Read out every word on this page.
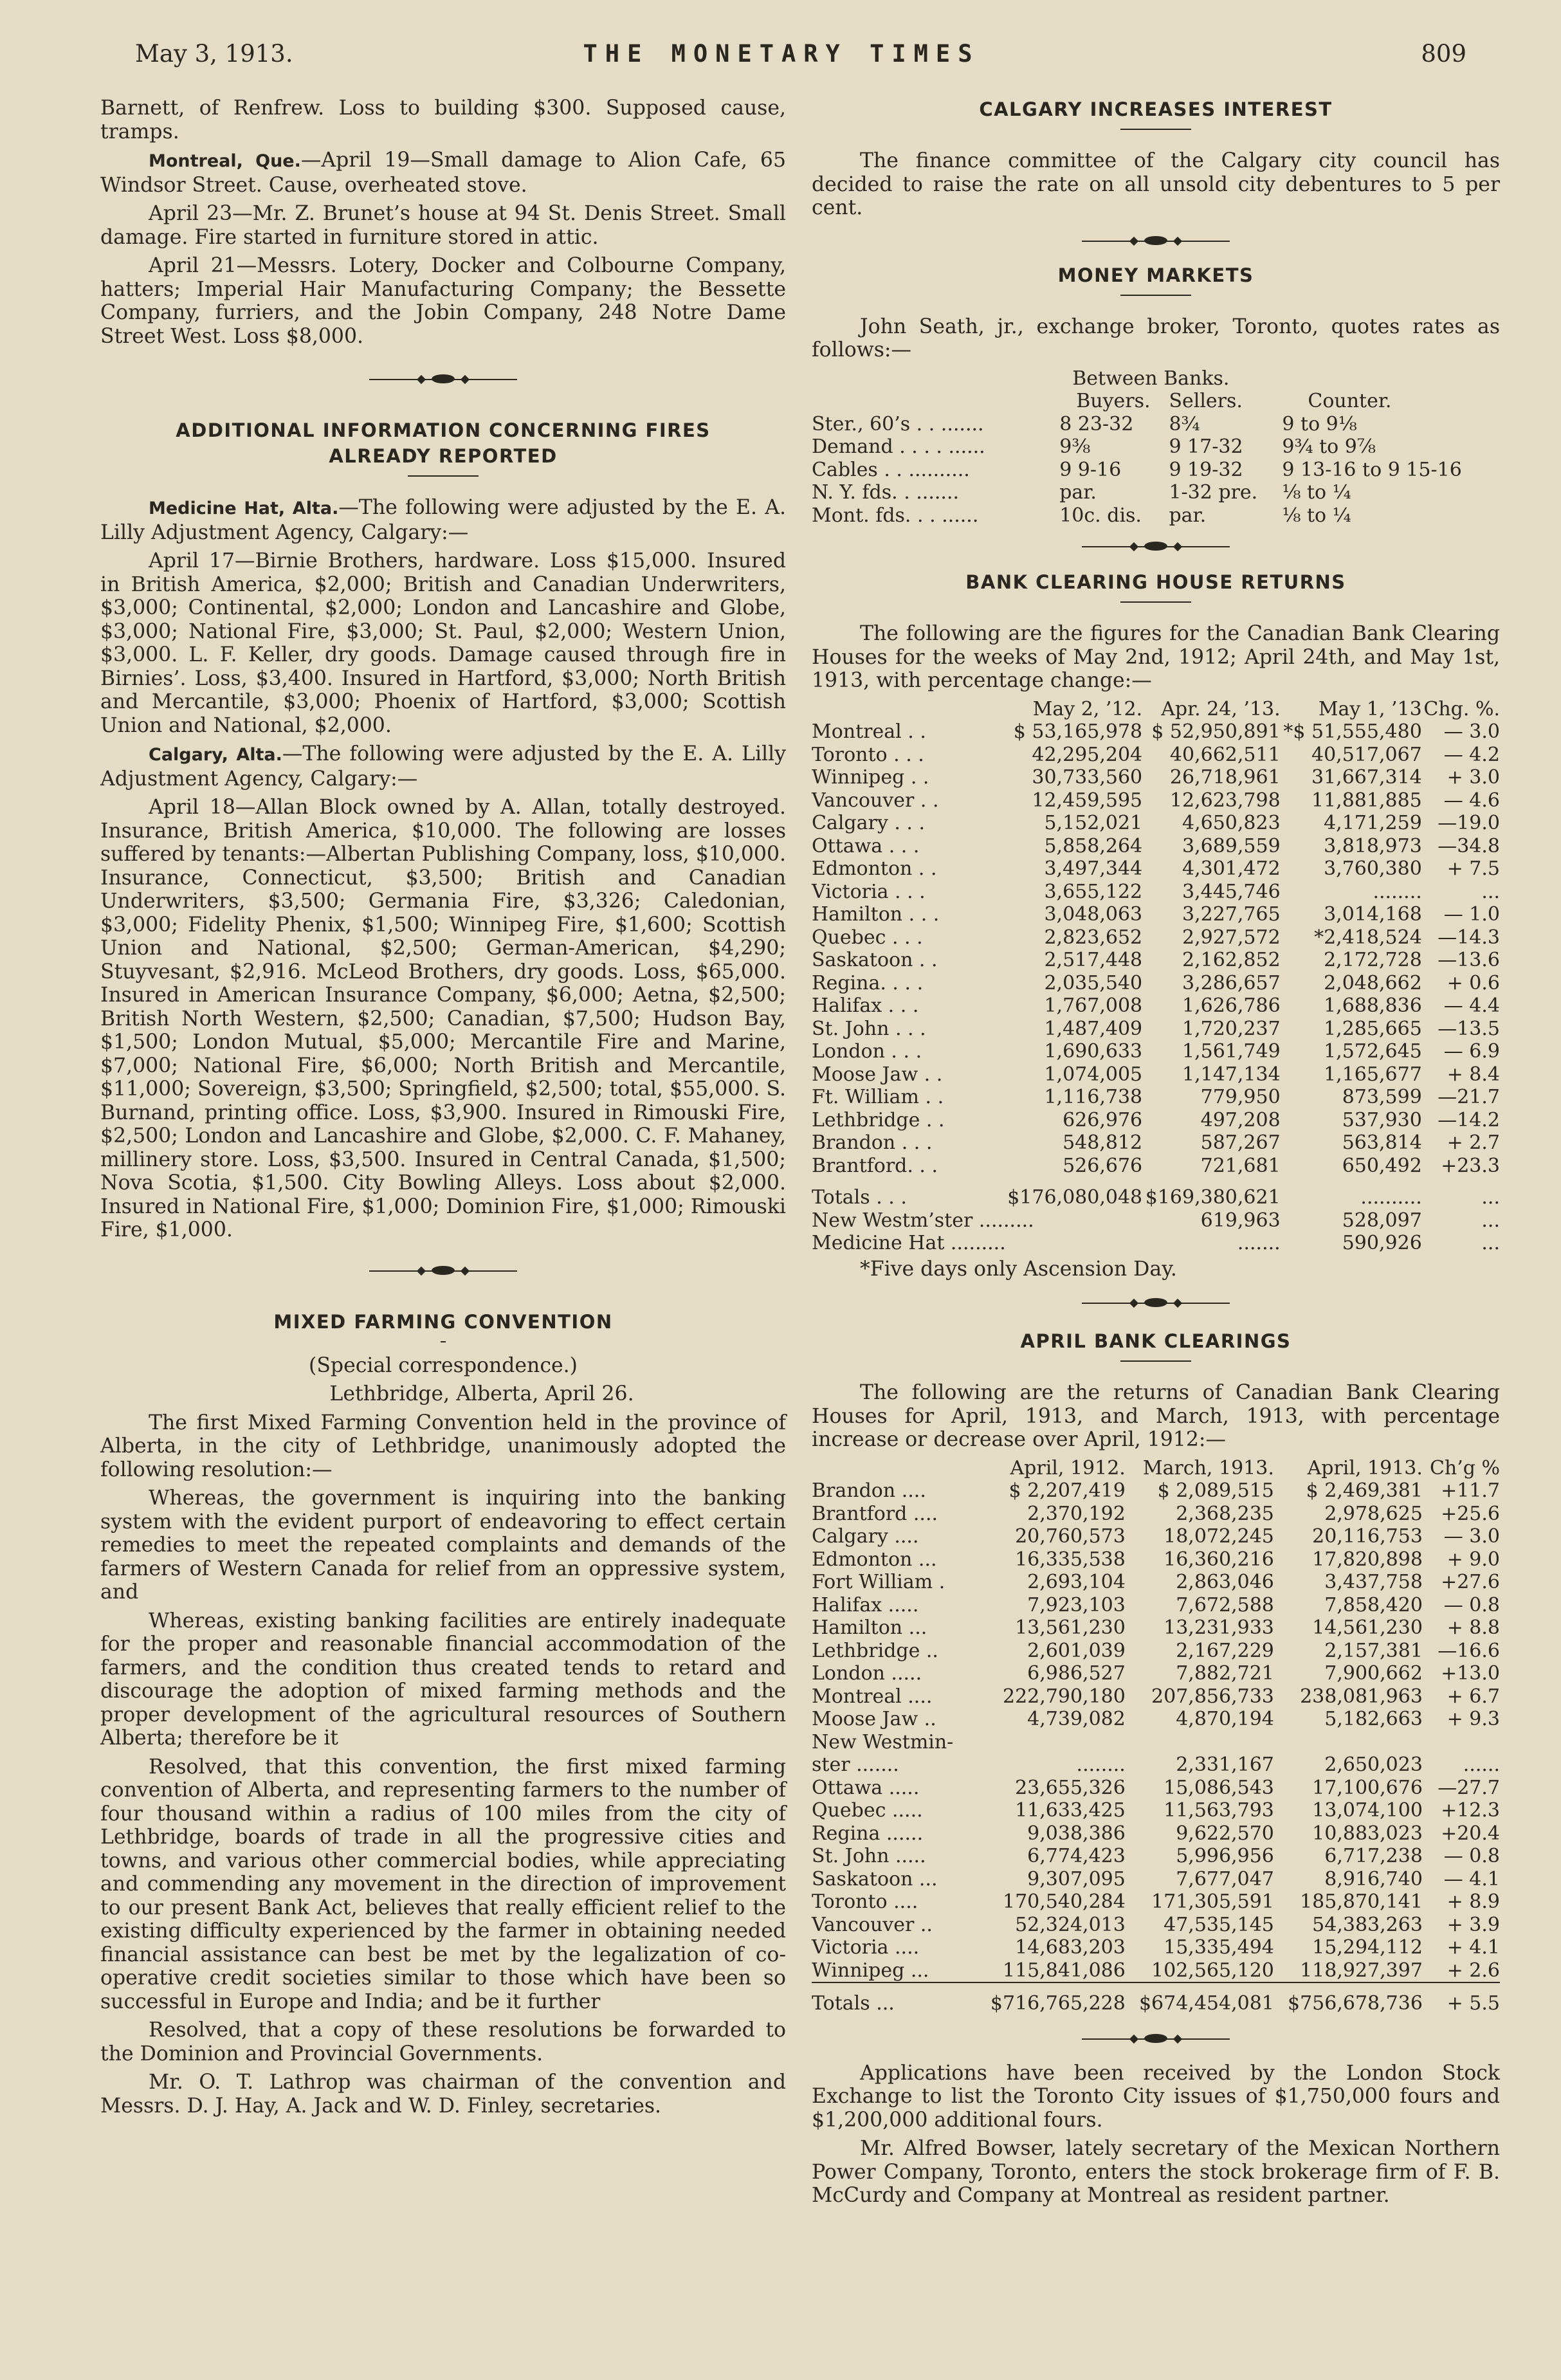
May 3, 1913.	THE MONETARY TIMES	809

Barnett, of Renfrew. Loss to building $300. Supposed cause, tramps.

Montreal, Que.—April 19—Small damage to Alion Cafe, 65 Windsor Street. Cause, overheated stove.

April 23—Mr. Z. Brunet’s house at 94 St. Denis Street. Small damage. Fire started in furniture stored in attic.

April 21—Messrs. Lotery, Docker and Colbourne Company, hatters; Imperial Hair Manufacturing Company; the Bessette Company, furriers, and the Jobin Company, 248 Notre Dame Street West. Loss $8,000.

ADDITIONAL INFORMATION CONCERNING FIRES ALREADY REPORTED

Medicine Hat, Alta.—The following were adjusted by the E. A. Lilly Adjustment Agency, Calgary:—

April 17—Birnie Brothers, hardware. Loss $15,000. Insured in British America, $2,000; British and Canadian Underwriters, $3,000; Continental, $2,000; London and Lancashire and Globe, $3,000; National Fire, $3,000; St. Paul, $2,000; Western Union, $3,000. L. F. Keller, dry goods. Damage caused through fire in Birnies’. Loss, $3,400. Insured in Hartford, $3,000; North British and Mercantile, $3,000; Phoenix of Hartford, $3,000; Scottish Union and National, $2,000.

Calgary, Alta.—The following were adjusted by the E. A. Lilly Adjustment Agency, Calgary:—

April 18—Allan Block owned by A. Allan, totally destroyed. Insurance, British America, $10,000. The following are losses suffered by tenants:—Albertan Publishing Company, loss, $10,000. Insurance, Connecticut, $3,500; British and Canadian Underwriters, $3,500; Germania Fire, $3,326; Caledonian, $3,000; Fidelity Phenix, $1,500; Winnipeg Fire, $1,600; Scottish Union and National, $2,500; German-American, $4,290; Stuyvesant, $2,916. McLeod Brothers, dry goods. Loss, $65,000. Insured in American Insurance Company, $6,000; Aetna, $2,500; British North Western, $2,500; Canadian, $7,500; Hudson Bay, $1,500; London Mutual, $5,000; Mercantile Fire and Marine, $7,000; National Fire, $6,000; North British and Mercantile, $11,000; Sovereign, $3,500; Springfield, $2,500; total, $55,000. S. Burnand, printing office. Loss, $3,900. Insured in Rimouski Fire, $2,500; London and Lancashire and Globe, $2,000. C. F. Mahaney, millinery store. Loss, $3,500. Insured in Central Canada, $1,500; Nova Scotia, $1,500. City Bowling Alleys. Loss about $2,000. Insured in National Fire, $1,000; Dominion Fire, $1,000; Rimouski Fire, $1,000.

MIXED FARMING CONVENTION

(Special correspondence.)

Lethbridge, Alberta, April 26.

The first Mixed Farming Convention held in the province of Alberta, in the city of Lethbridge, unanimously adopted the following resolution:—

Whereas, the government is inquiring into the banking system with the evident purport of endeavoring to effect certain remedies to meet the repeated complaints and demands of the farmers of Western Canada for relief from an oppressive system, and

Whereas, existing banking facilities are entirely inadequate for the proper and reasonable financial accommodation of the farmers, and the condition thus created tends to retard and discourage the adoption of mixed farming methods and the proper development of the agricultural resources of Southern Alberta; therefore be it

Resolved, that this convention, the first mixed farming convention of Alberta, and representing farmers to the number of four thousand within a radius of 100 miles from the city of Lethbridge, boards of trade in all the progressive cities and towns, and various other commercial bodies, while appreciating and commending any movement in the direction of improvement to our present Bank Act, believes that really efficient relief to the existing difficulty experienced by the farmer in obtaining needed financial assistance can best be met by the legalization of co-operative credit societies similar to those which have been so successful in Europe and India; and be it further

Resolved, that a copy of these resolutions be forwarded to the Dominion and Provincial Governments.

Mr. O. T. Lathrop was chairman of the convention and Messrs. D. J. Hay, A. Jack and W. D. Finley, secretaries.

CALGARY INCREASES INTEREST

The finance committee of the Calgary city council has decided to raise the rate on all unsold city debentures to 5 per cent.

MONEY MARKETS

John Seath, jr., exchange broker, Toronto, quotes rates as follows:—

	Between Banks.		
	Buyers.	Sellers.	Counter.
Ster., 60’s . . .......	8 23-32	8¾	9 to 9⅛
Demand . . . . ......	9⅜	9 17-32	9¾ to 9⅞
Cables . . ..........	9 9-16	9 19-32	9 13-16 to 9 15-16
N. Y. fds. . .......	par.	1-32 pre.	⅛ to ¼
Mont. fds. . . ......	10c. dis.	par.	⅛ to ¼
BANK CLEARING HOUSE RETURNS

The following are the figures for the Canadian Bank Clearing Houses for the weeks of May 2nd, 1912; April 24th, and May 1st, 1913, with percentage change:—

	May 2, ’12.	Apr. 24, ’13.	May 1, ’13	Chg. %.
Montreal . .	$ 53,165,978	$ 52,950,891	*$ 51,555,480	— 3.0
Toronto . . .	42,295,204	40,662,511	40,517,067	— 4.2
Winnipeg . .	30,733,560	26,718,961	31,667,314	+ 3.0
Vancouver . .	12,459,595	12,623,798	11,881,885	— 4.6
Calgary . . .	5,152,021	4,650,823	4,171,259	—19.0
Ottawa . . .	5,858,264	3,689,559	3,818,973	—34.8
Edmonton . .	3,497,344	4,301,472	3,760,380	+ 7.5
Victoria . . .	3,655,122	3,445,746	........	...
Hamilton . . .	3,048,063	3,227,765	3,014,168	— 1.0
Quebec . . .	2,823,652	2,927,572	*2,418,524	—14.3
Saskatoon . .	2,517,448	2,162,852	2,172,728	—13.6
Regina. . . .	2,035,540	3,286,657	2,048,662	+ 0.6
Halifax . . .	1,767,008	1,626,786	1,688,836	— 4.4
St. John . . .	1,487,409	1,720,237	1,285,665	—13.5
London . . .	1,690,633	1,561,749	1,572,645	— 6.9
Moose Jaw . .	1,074,005	1,147,134	1,165,677	+ 8.4
Ft. William . .	1,116,738	779,950	873,599	—21.7
Lethbridge . .	626,976	497,208	537,930	—14.2
Brandon . . .	548,812	587,267	563,814	+ 2.7
Brantford. . .	526,676	721,681	650,492	+23.3
Totals . . .	$176,080,048	$169,380,621	..........	...
New Westm’ster .........		619,963	528,097	...
Medicine Hat .........		.......	590,926	...

*Five days only Ascension Day.

APRIL BANK CLEARINGS

The following are the returns of Canadian Bank Clearing Houses for April, 1913, and March, 1913, with percentage increase or decrease over April, 1912:—

	April, 1912.	March, 1913.	April, 1913.	Ch’g %
Brandon ....	$ 2,207,419	$ 2,089,515	$ 2,469,381	+11.7
Brantford ....	2,370,192	2,368,235	2,978,625	+25.6
Calgary ....	20,760,573	18,072,245	20,116,753	— 3.0
Edmonton ...	16,335,538	16,360,216	17,820,898	+ 9.0
Fort William .	2,693,104	2,863,046	3,437,758	+27.6
Halifax .....	7,923,103	7,672,588	7,858,420	— 0.8
Hamilton ...	13,561,230	13,231,933	14,561,230	+ 8.8
Lethbridge ..	2,601,039	2,167,229	2,157,381	—16.6
London .....	6,986,527	7,882,721	7,900,662	+13.0
Montreal ....	222,790,180	207,856,733	238,081,963	+ 6.7
Moose Jaw ..	4,739,082	4,870,194	5,182,663	+ 9.3
New Westmin-				
ster .......	........	2,331,167	2,650,023	......
Ottawa .....	23,655,326	15,086,543	17,100,676	—27.7
Quebec .....	11,633,425	11,563,793	13,074,100	+12.3
Regina ......	9,038,386	9,622,570	10,883,023	+20.4
St. John .....	6,774,423	5,996,956	6,717,238	— 0.8
Saskatoon ...	9,307,095	7,677,047	8,916,740	— 4.1
Toronto ....	170,540,284	171,305,591	185,870,141	+ 8.9
Vancouver ..	52,324,013	47,535,145	54,383,263	+ 3.9
Victoria ....	14,683,203	15,335,494	15,294,112	+ 4.1
Winnipeg ...	115,841,086	102,565,120	118,927,397	+ 2.6
Totals ...	$716,765,228	$674,454,081	$756,678,736	+ 5.5

Applications have been received by the London Stock Exchange to list the Toronto City issues of $1,750,000 fours and $1,200,000 additional fours.

Mr. Alfred Bowser, lately secretary of the Mexican Northern Power Company, Toronto, enters the stock brokerage firm of F. B. McCurdy and Company at Montreal as resident partner.
